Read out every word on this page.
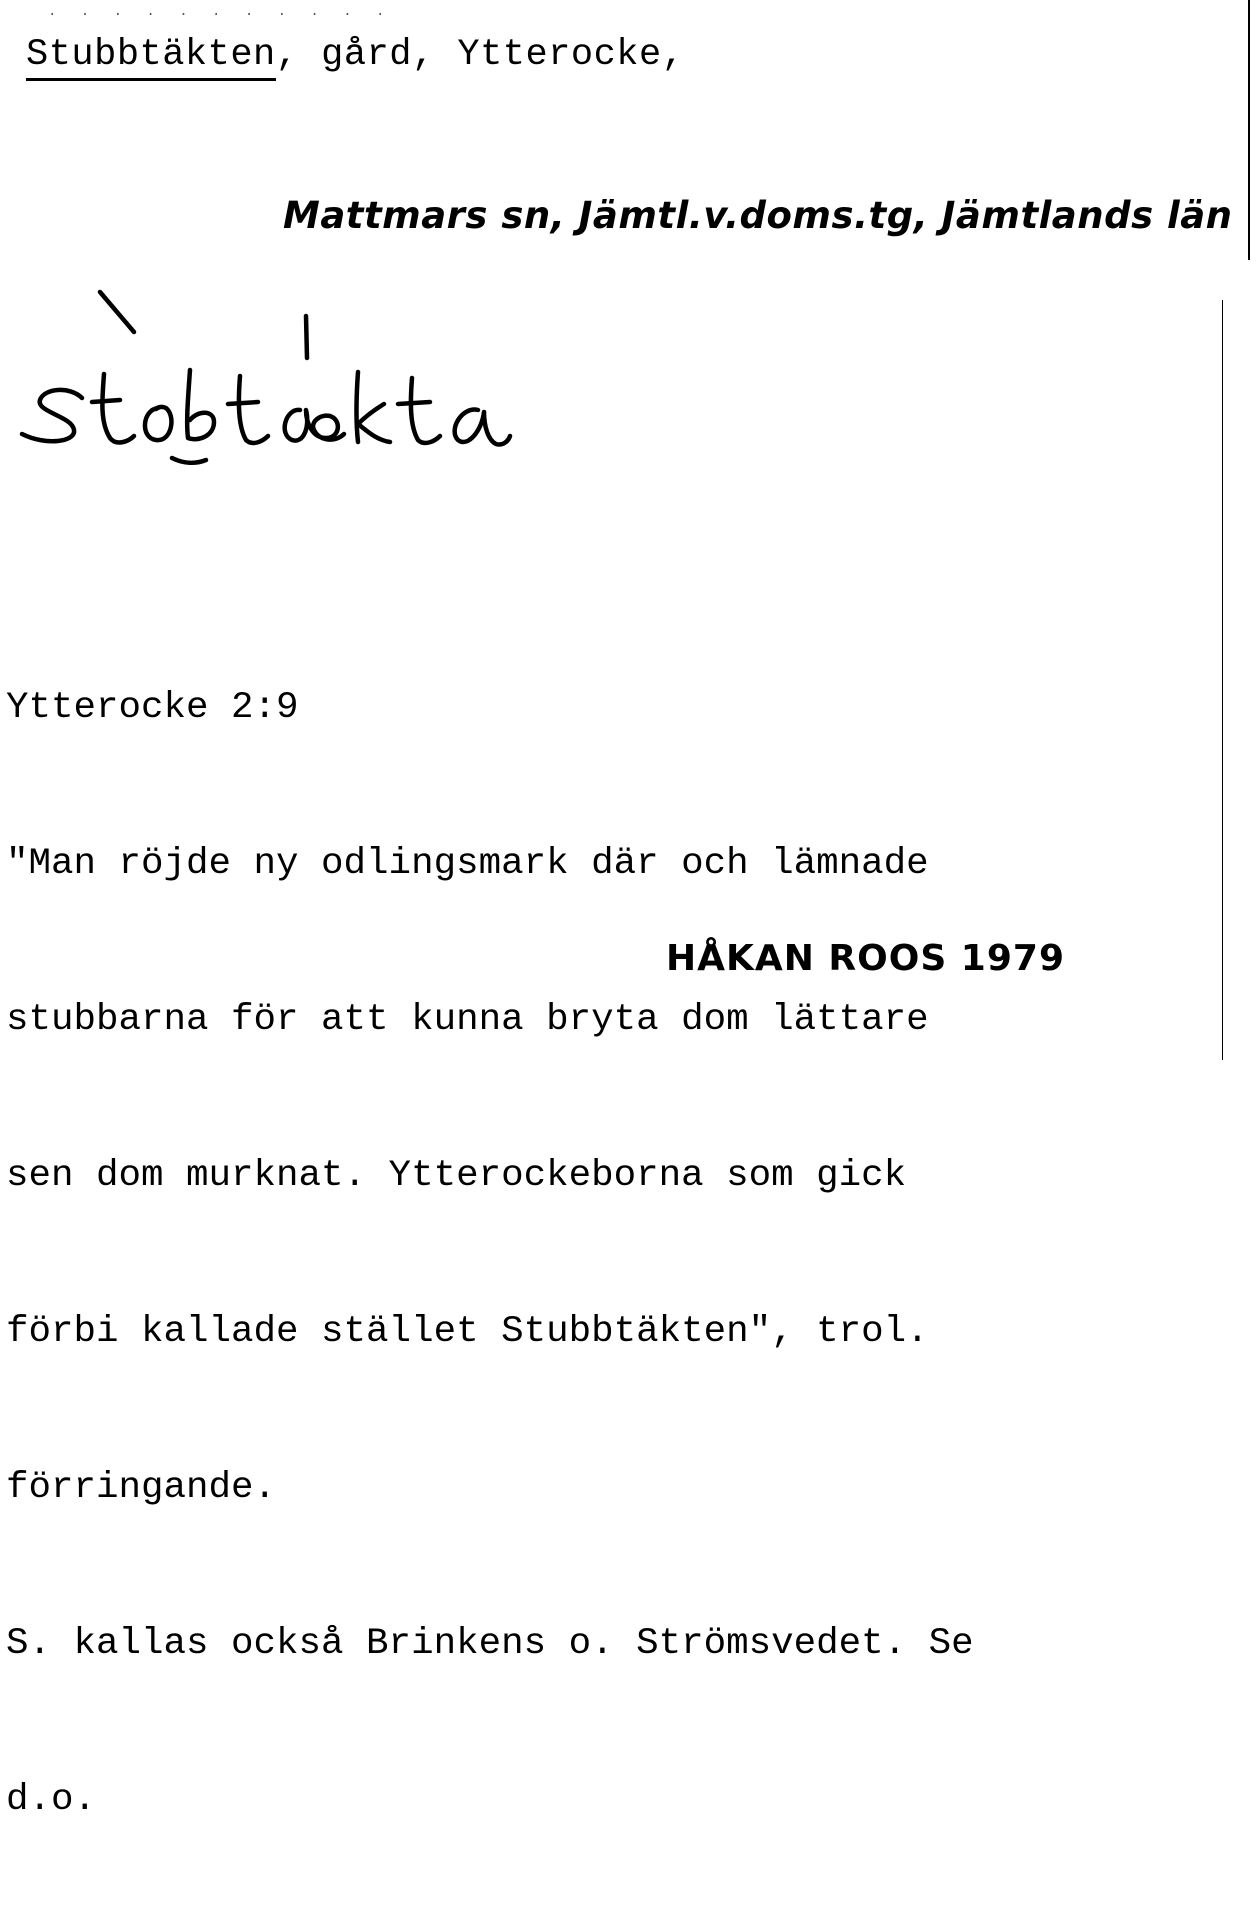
. . . . . . . . . . .
Stubbtäkten, gård, Ytterocke,
Mattmars sn, Jämtl.v.doms.tg, Jämtlands län

Ytterocke 2:9

"Man röjde ny odlingsmark där och lämnade

stubbarna för att kunna bryta dom lättare

sen dom murknat. Ytterockeborna som gick

förbi kallade stället Stubbtäkten", trol.

förringande.

S. kallas också Brinkens o. Strömsvedet. Se

d.o.

HÅKAN ROOS 1979
